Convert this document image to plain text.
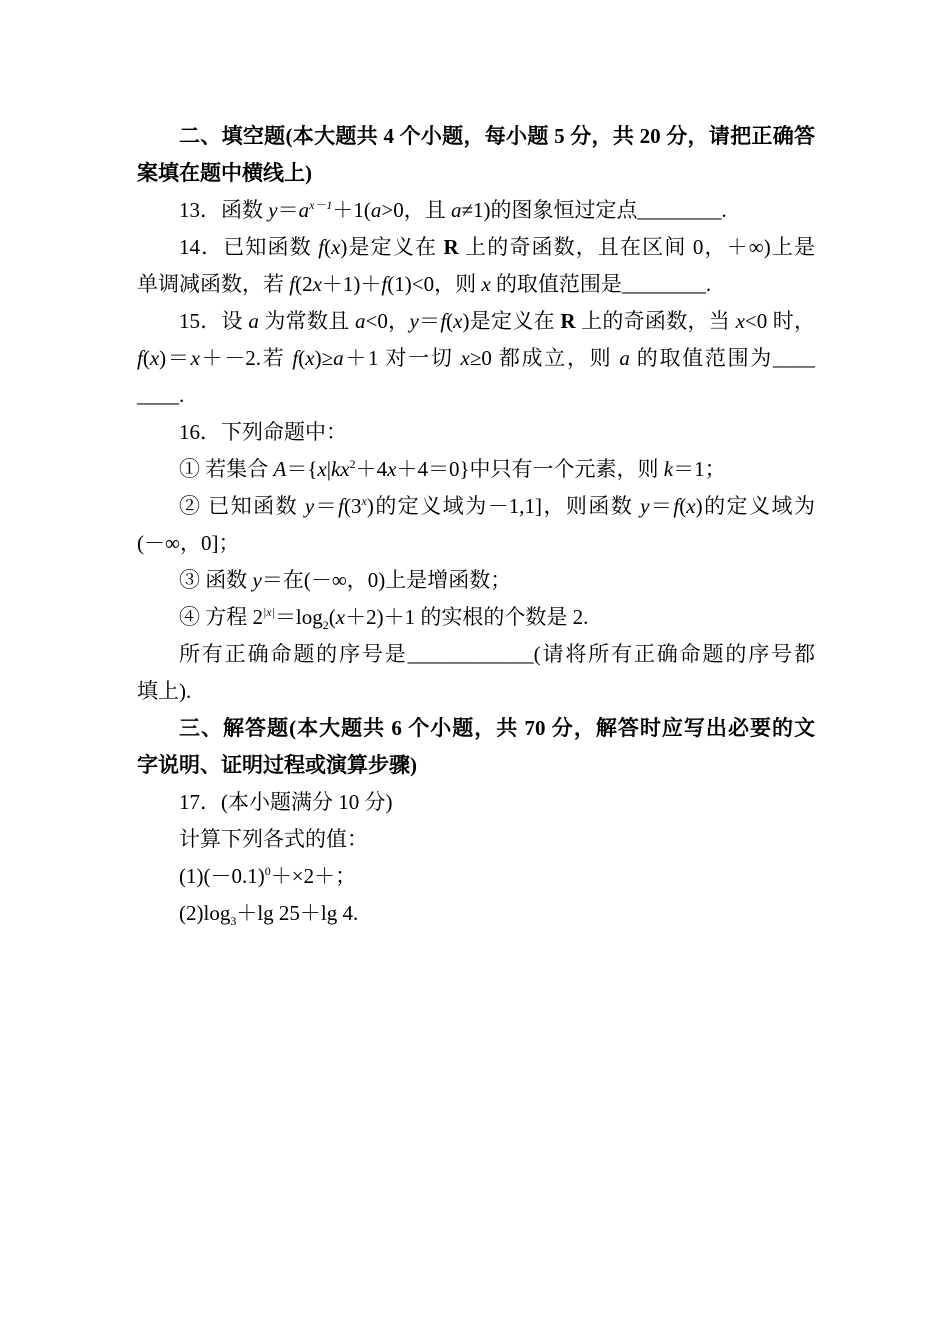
二、填空题(本大题共 4 个小题，每小题 5 分，共 20 分，请把正确答
案填在题中横线上)
13．函数 $y=a^{x-1}+1(a>0$，且 a≠1)的图象恒过定点________.
14．已知函数 f(x)是定义在 R 上的奇函数，且在区间 0，＋∞)上是
单调减函数，若 f(2x＋1)＋f(1)<0，则 x 的取值范围是________.
15．设 a 为常数且 a<0，y＝f(x)是定义在 R 上的奇函数，当 x<0 时，
f(x)＝x＋－2.若 f(x)≥a＋1 对一切 x≥0 都成立，则 a 的取值范围为____
____.
16．下列命题中：
① 若集合 $A=\{x|kx^2+4x+4=0\}$中只有一个元素，则 k＝1；
② 已知函数 $y=f(3^x)$的定义域为－1,1]，则函数 y＝f(x)的定义域为
(－∞，0]；
③ 函数 y＝在(－∞，0)上是增函数；
④ 方程 $2^{|x|}=\log_2(x+2)+1$ 的实根的个数是 2.
所有正确命题的序号是____________(请将所有正确命题的序号都
填上).
三、解答题(本大题共 6 个小题，共 70 分，解答时应写出必要的文
字说明、证明过程或演算步骤)
17．(本小题满分 10 分)
计算下列各式的值：
$(1)(-0.1)^0+\times 2+$；
$(2)\log_3+\lg$ 25＋lg 4.
